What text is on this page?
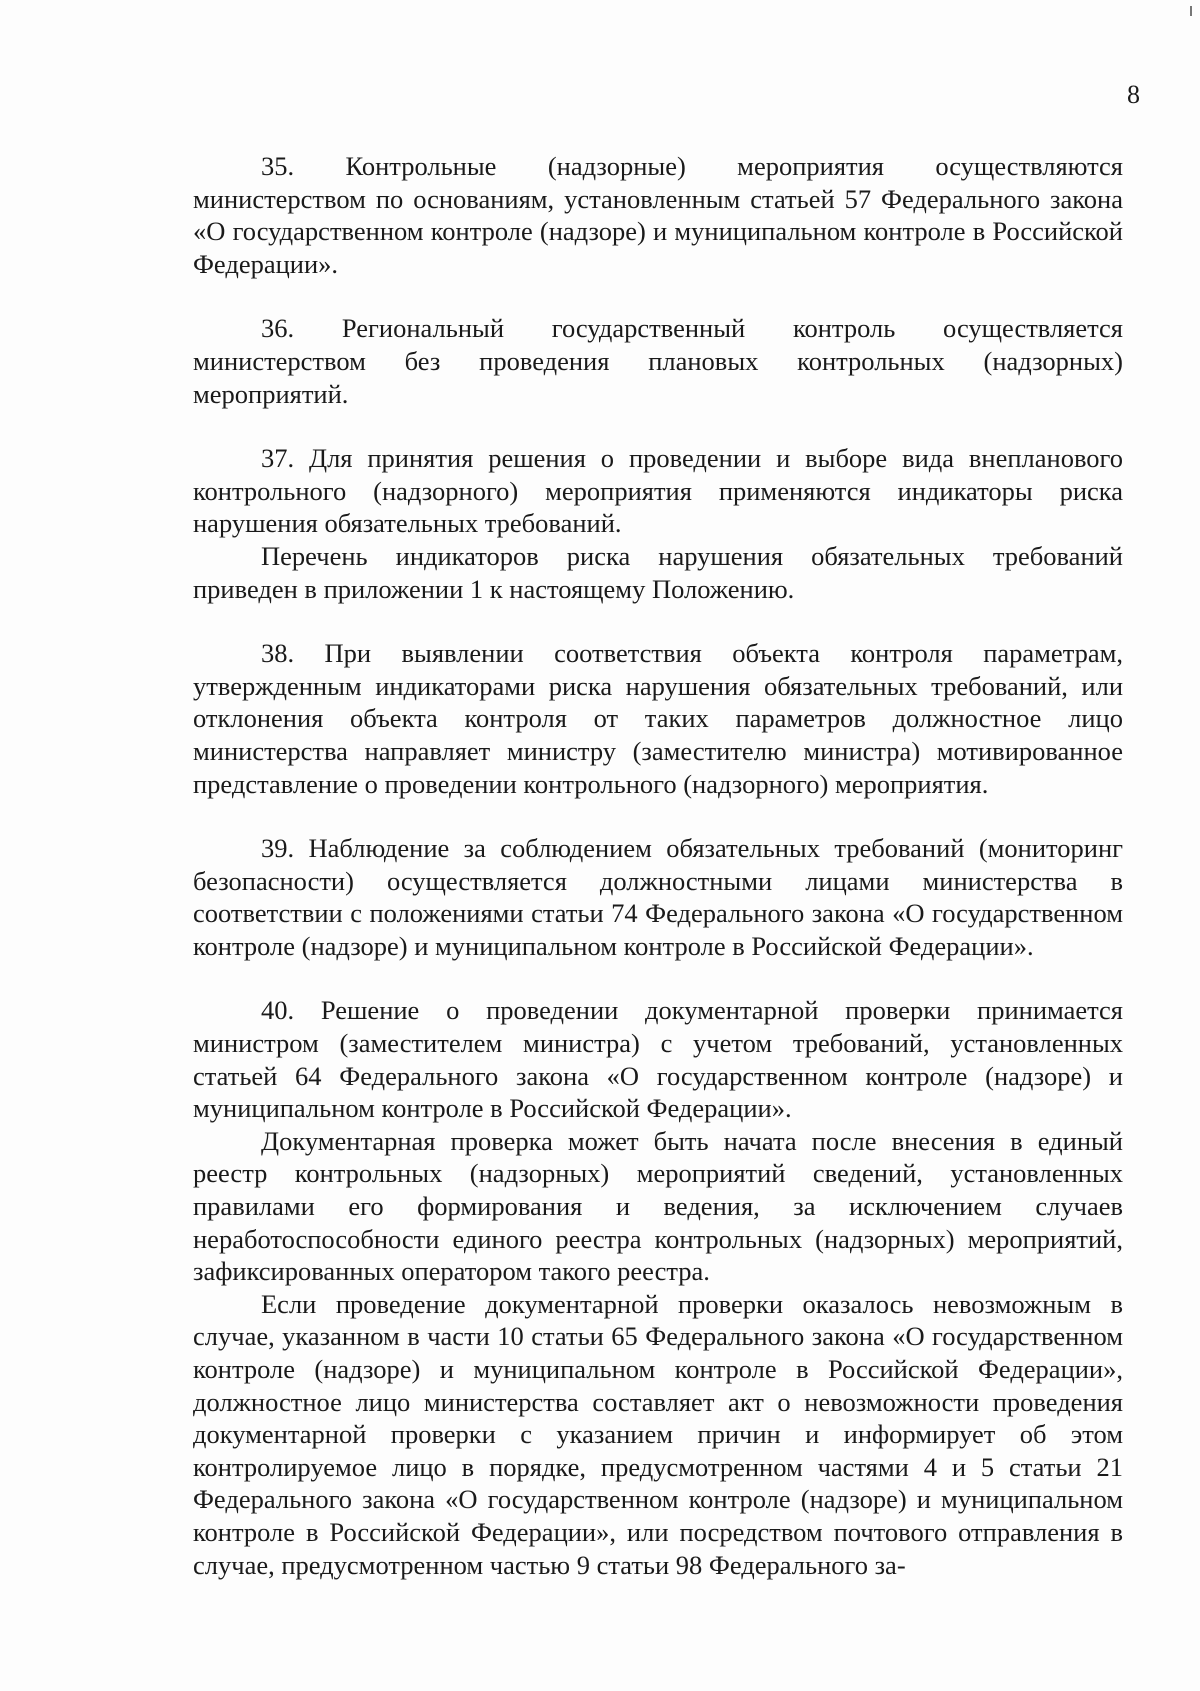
8

35. Контрольные (надзорные) мероприятия осуществляются министерством по основаниям, установленным статьей 57 Федерального закона «О государственном контроле (надзоре) и муниципальном контроле в Российской Федерации».

36. Региональный государственный контроль осуществляется министерством без проведения плановых контрольных (надзорных) мероприятий.

37. Для принятия решения о проведении и выборе вида внепланового контрольного (надзорного) мероприятия применяются индикаторы риска нарушения обязательных требований.

Перечень индикаторов риска нарушения обязательных требований приведен в приложении 1 к настоящему Положению.

38. При выявлении соответствия объекта контроля параметрам, утвержденным индикаторами риска нарушения обязательных требований, или отклонения объекта контроля от таких параметров должностное лицо министерства направляет министру (заместителю министра) мотивированное представление о проведении контрольного (надзорного) мероприятия.

39. Наблюдение за соблюдением обязательных требований (мониторинг безопасности) осуществляется должностными лицами министерства в соответствии с положениями статьи 74 Федерального закона «О государственном контроле (надзоре) и муниципальном контроле в Российской Федерации».

40. Решение о проведении документарной проверки принимается министром (заместителем министра) с учетом требований, установленных статьей 64 Федерального закона «О государственном контроле (надзоре) и муниципальном контроле в Российской Федерации».

Документарная проверка может быть начата после внесения в единый реестр контрольных (надзорных) мероприятий сведений, установленных правилами его формирования и ведения, за исключением случаев неработоспособности единого реестра контрольных (надзорных) мероприятий, зафиксированных оператором такого реестра.

Если проведение документарной проверки оказалось невозможным в случае, указанном в части 10 статьи 65 Федерального закона «О государственном контроле (надзоре) и муниципальном контроле в Российской Федерации», должностное лицо министерства составляет акт о невозможности проведения документарной проверки с указанием причин и информирует об этом контролируемое лицо в порядке, предусмотренном частями 4 и 5 статьи 21 Федерального закона «О государственном контроле (надзоре) и муниципальном контроле в Российской Федерации», или посредством почтового отправления в случае, предусмотренном частью 9 статьи 98 Федерального за-
